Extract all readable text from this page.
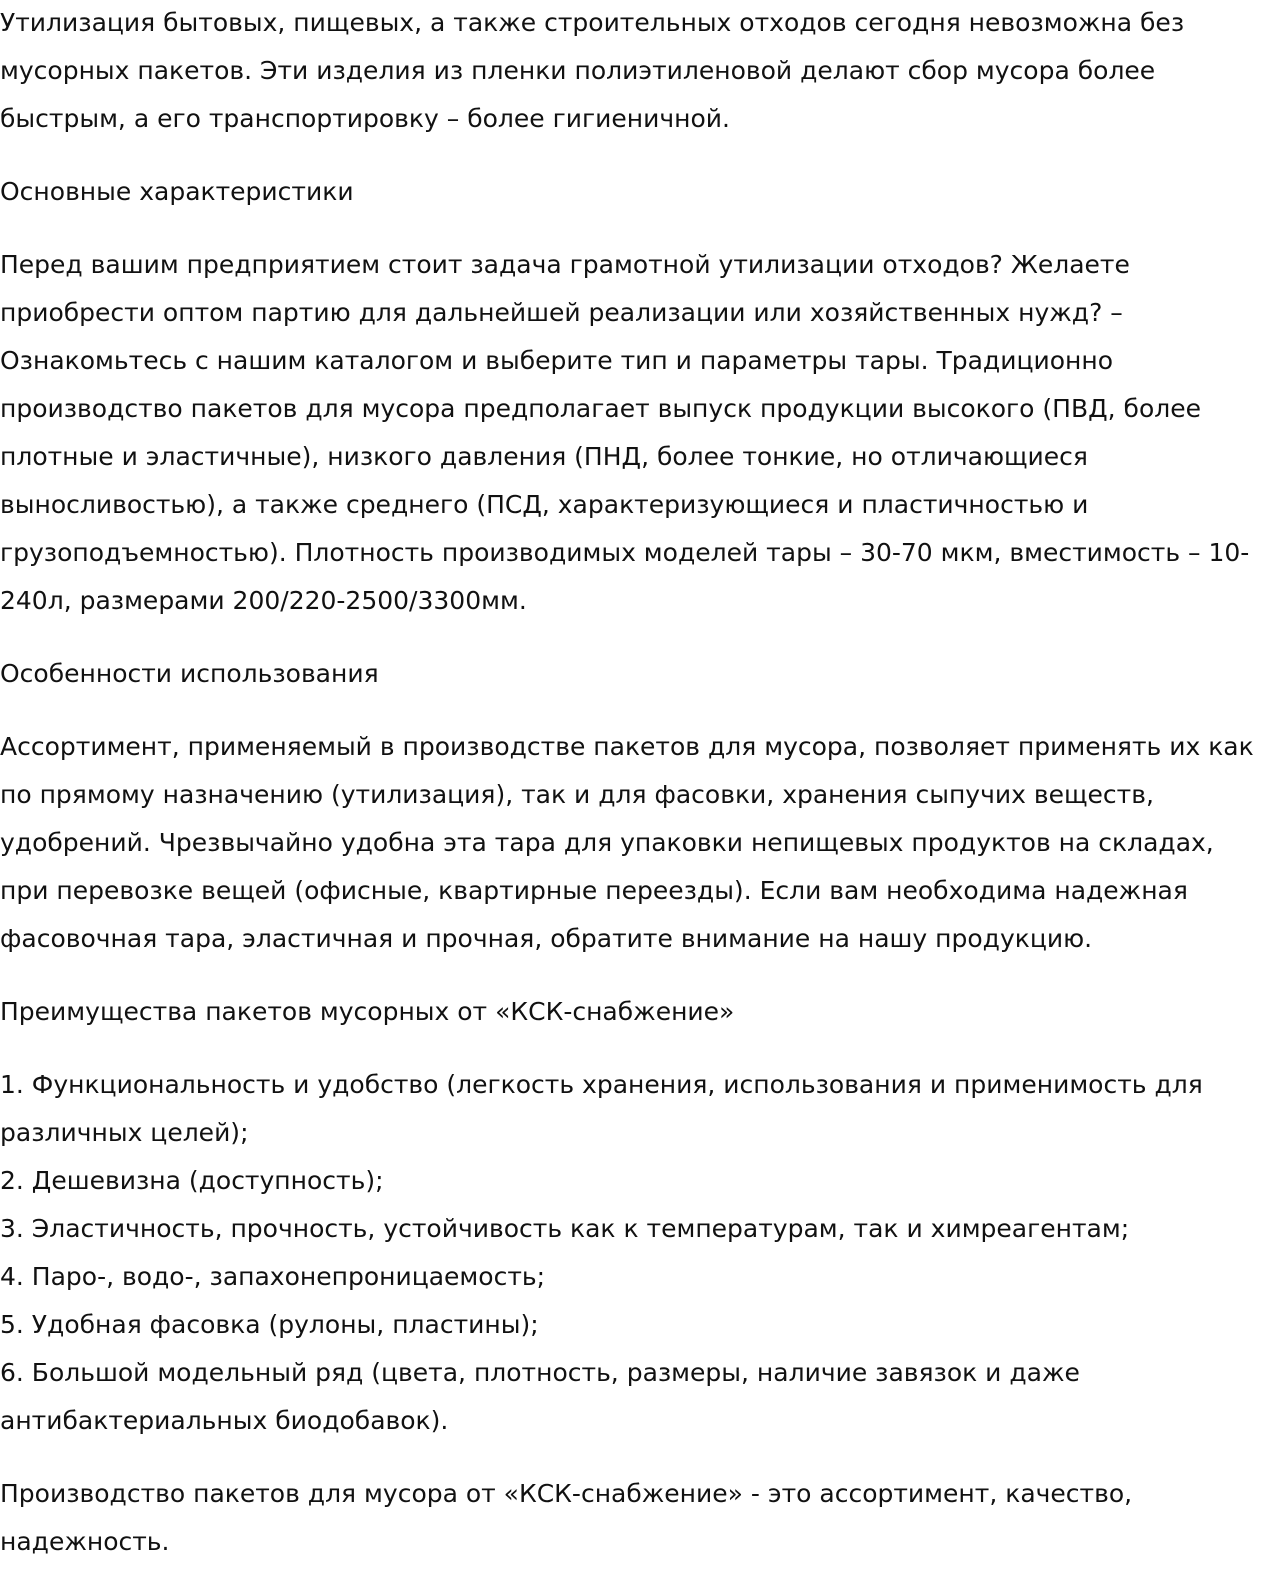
Утилизация бытовых, пищевых, а также строительных отходов сегодня невозможна без мусорных пакетов. Эти изделия из пленки полиэтиленовой делают сбор мусора более быстрым, а его транспортировку – более гигиеничной.

Основные характеристики

Перед вашим предприятием стоит задача грамотной утилизации отходов? Желаете приобрести оптом партию для дальнейшей реализации или хозяйственных нужд? – Ознакомьтесь с нашим каталогом и выберите тип и параметры тары. Традиционно производство пакетов для мусора предполагает выпуск продукции высокого (ПВД, более плотные и эластичные), низкого давления (ПНД, более тонкие, но отличающиеся выносливостью), а также среднего (ПСД, характеризующиеся и пластичностью и грузоподъемностью). Плотность производимых моделей тары – 30-70 мкм, вместимость – 10-240л, размерами 200/220-2500/3300мм.

Особенности использования

Ассортимент, применяемый в производстве пакетов для мусора, позволяет применять их как по прямому назначению (утилизация), так и для фасовки, хранения сыпучих веществ, удобрений. Чрезвычайно удобна эта тара для упаковки непищевых продуктов на складах, при перевозке вещей (офисные, квартирные переезды). Если вам необходима надежная фасовочная тара, эластичная и прочная, обратите внимание на нашу продукцию.

Преимущества пакетов мусорных от «КСК-снабжение»

1. Функциональность и удобство (легкость хранения, использования и применимость для различных целей);
2. Дешевизна (доступность);
3. Эластичность, прочность, устойчивость как к температурам, так и химреагентам;
4. Паро-, водо-, запахонепроницаемость;
5. Удобная фасовка (рулоны, пластины);
6. Большой модельный ряд (цвета, плотность, размеры, наличие завязок и даже антибактериальных биодобавок).

Производство пакетов для мусора от «КСК-снабжение» - это ассортимент, качество, надежность.
